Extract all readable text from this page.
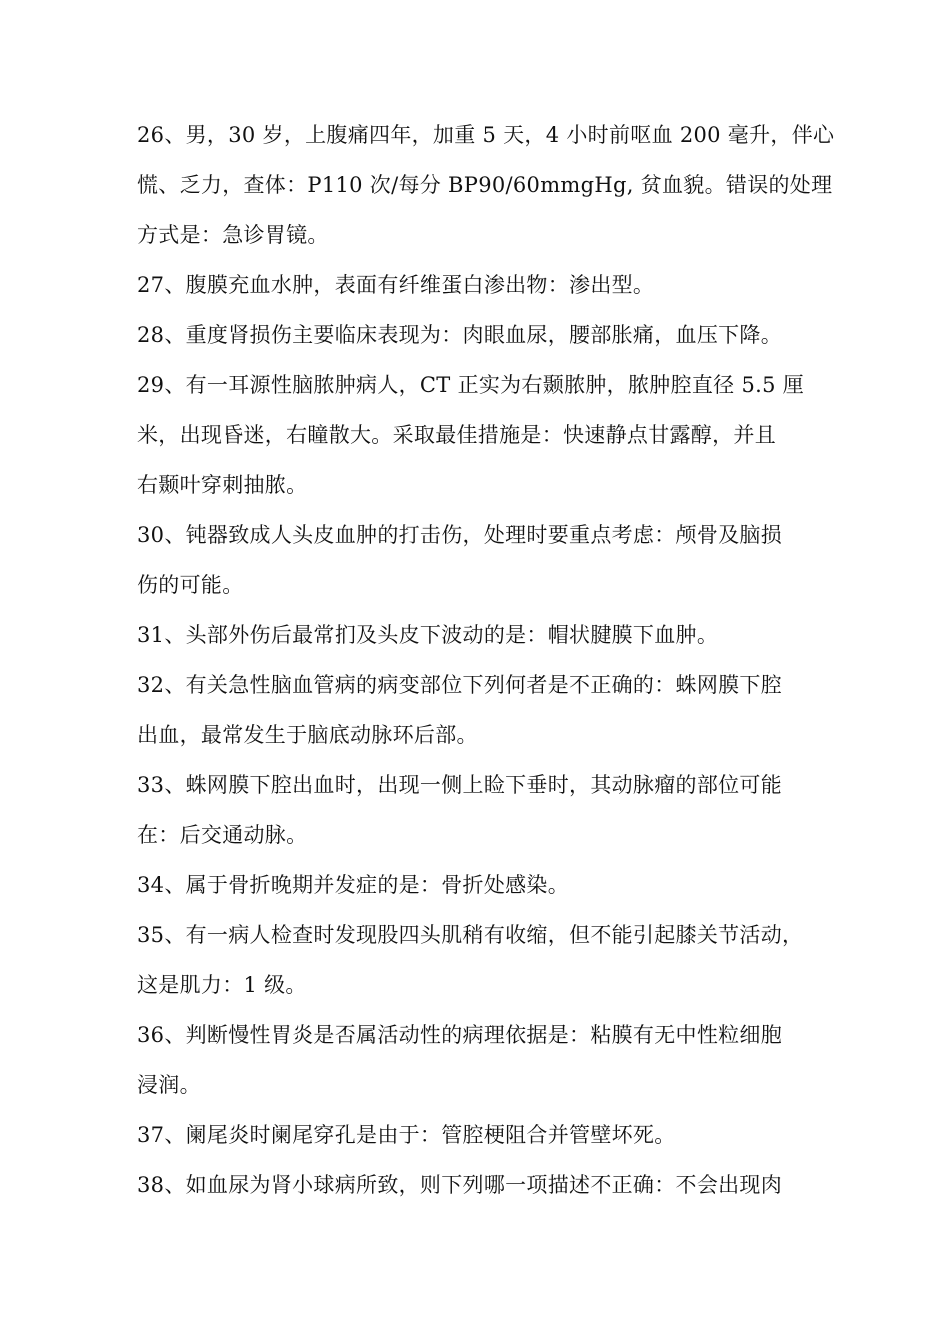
26、男，30 岁，上腹痛四年，加重 5 天，4 小时前呕血 200 毫升，伴心
慌、乏力，查体：P110 次/每分 BP90/60mmgHg, 贫血貌。错误的处理
方式是：急诊胃镜。
27、腹膜充血水肿，表面有纤维蛋白渗出物：渗出型。
28、重度肾损伤主要临床表现为：肉眼血尿，腰部胀痛，血压下降。
29、有一耳源性脑脓肿病人，CT 正实为右颞脓肿，脓肿腔直径 5.5 厘
米，出现昏迷，右瞳散大。采取最佳措施是：快速静点甘露醇，并且
右颞叶穿刺抽脓。
30、钝器致成人头皮血肿的打击伤，处理时要重点考虑：颅骨及脑损
伤的可能。
31、头部外伤后最常扪及头皮下波动的是：帽状腱膜下血肿。
32、有关急性脑血管病的病变部位下列何者是不正确的：蛛网膜下腔
出血，最常发生于脑底动脉环后部。
33、蛛网膜下腔出血时，出现一侧上睑下垂时，其动脉瘤的部位可能
在：后交通动脉。
34、属于骨折晚期并发症的是：骨折处感染。
35、有一病人检查时发现股四头肌稍有收缩，但不能引起膝关节活动，
这是肌力：1 级。
36、判断慢性胃炎是否属活动性的病理依据是：粘膜有无中性粒细胞
浸润。
37、阑尾炎时阑尾穿孔是由于：管腔梗阻合并管壁坏死。
38、如血尿为肾小球病所致，则下列哪一项描述不正确：不会出现肉
